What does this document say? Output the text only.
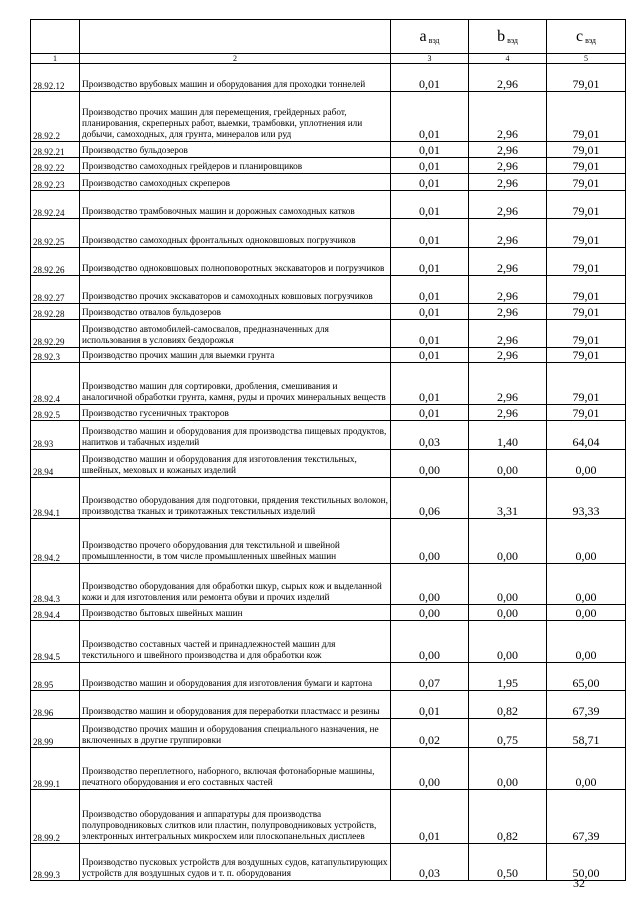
		a $_{вэд}$	b $_{вэд}$	c $_{вэд}$
1	2	3	4	5
28.92.12	Производство врубовых машин и оборудования для проходки тоннелей	0,01	2,96	79,01
28.92.2	Производство прочих машин для перемещения, грейдерных работ, планирования, скреперных работ, выемки, трамбовки, уплотнения или добычи, самоходных, для грунта, минералов или руд	0,01	2,96	79,01
28.92.21	Производство бульдозеров	0,01	2,96	79,01
28.92.22	Производство самоходных грейдеров и планировщиков	0,01	2,96	79,01
28.92.23	Производство самоходных скреперов	0,01	2,96	79,01
28.92.24	Производство трамбовочных машин и дорожных самоходных катков	0,01	2,96	79,01
28.92.25	Производство самоходных фронтальных одноковшовых погрузчиков	0,01	2,96	79,01
28.92.26	Производство одноковшовых полноповоротных экскаваторов и погрузчиков	0,01	2,96	79,01
28.92.27	Производство прочих экскаваторов и самоходных ковшовых погрузчиков	0,01	2,96	79,01
28.92.28	Производство отвалов бульдозеров	0,01	2,96	79,01
28.92.29	Производство автомобилей-самосвалов, предназначенных для использования в условиях бездорожья	0,01	2,96	79,01
28.92.3	Производство прочих машин для выемки грунта	0,01	2,96	79,01
28.92.4	Производство машин для сортировки, дробления, смешивания и аналогичной обработки грунта, камня, руды и прочих минеральных веществ	0,01	2,96	79,01
28.92.5	Производство гусеничных тракторов	0,01	2,96	79,01
28.93	Производство машин и оборудования для производства пищевых продуктов, напитков и табачных изделий	0,03	1,40	64,04
28.94	Производство машин и оборудования для изготовления текстильных, швейных, меховых и кожаных изделий	0,00	0,00	0,00
28.94.1	Производство оборудования для подготовки, прядения текстильных волокон, производства тканых и трикотажных текстильных изделий	0,06	3,31	93,33
28.94.2	Производство прочего оборудования для текстильной и швейной промышленности, в том числе промышленных швейных машин	0,00	0,00	0,00
28.94.3	Производство оборудования для обработки шкур, сырых кож и выделанной кожи и для изготовления или ремонта обуви и прочих изделий	0,00	0,00	0,00
28.94.4	Производство бытовых швейных машин	0,00	0,00	0,00
28.94.5	Производство составных частей и принадлежностей машин для текстильного и швейного производства и для обработки кож	0,00	0,00	0,00
28.95	Производство машин и оборудования для изготовления бумаги и картона	0,07	1,95	65,00
28.96	Производство машин и оборудования для переработки пластмасс и резины	0,01	0,82	67,39
28.99	Производство прочих машин и оборудования специального назначения, не включенных в другие группировки	0,02	0,75	58,71
28.99.1	Производство переплетного, наборного, включая фотонаборные машины, печатного оборудования и его составных частей	0,00	0,00	0,00
28.99.2	Производство оборудования и аппаратуры для производства полупроводниковых слитков или пластин, полупроводниковых устройств, электронных интегральных микросхем или плоскопанельных дисплеев	0,01	0,82	67,39
28.99.3	Производство пусковых устройств для воздушных судов, катапультирующих устройств для воздушных судов и т. п. оборудования	0,03	0,50	50,00
32
